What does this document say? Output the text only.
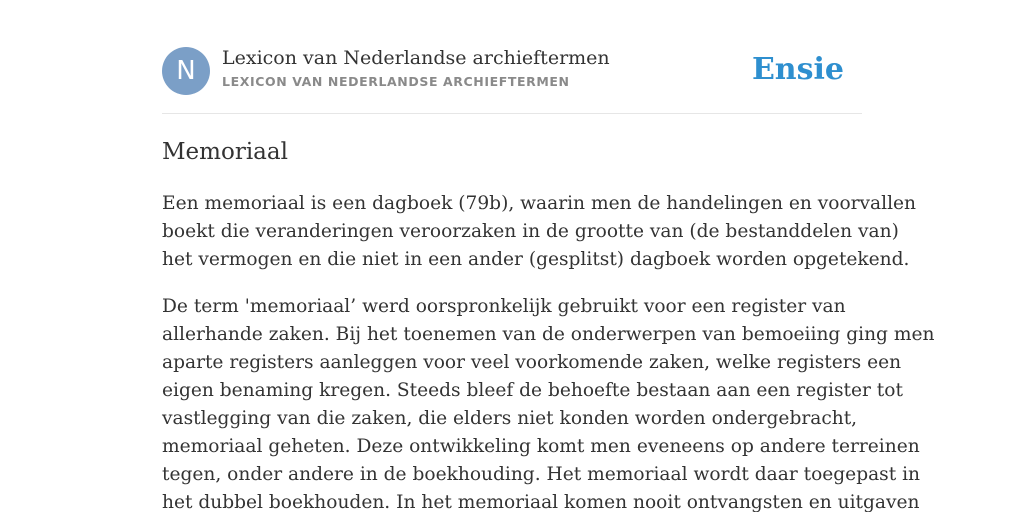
N	Lexicon van Nederlandse archieftermen
LEXICON VAN NEDERLANDSE ARCHIEFTERMEN	Ensie
Memoriaal

Een memoriaal is een dagboek (79b), waarin men de handelingen en voorvallen
boekt die veranderingen veroorzaken in de grootte van (de bestanddelen van)
het vermogen en die niet in een ander (gesplitst) dagboek worden opgetekend.

De term 'memoriaal’ werd oorspronkelijk gebruikt voor een register van
allerhande zaken. Bij het toenemen van de onderwerpen van bemoeiing ging men
aparte registers aanleggen voor veel voorkomende zaken, welke registers een
eigen benaming kregen. Steeds bleef de behoefte bestaan aan een register tot
vastlegging van die zaken, die elders niet konden worden ondergebracht,
memoriaal geheten. Deze ontwikkeling komt men eveneens op andere terreinen
tegen, onder andere in de boekhouding. Het memoriaal wordt daar toegepast in
het dubbel boekhouden. In het memoriaal komen nooit ontvangsten en uitgaven
